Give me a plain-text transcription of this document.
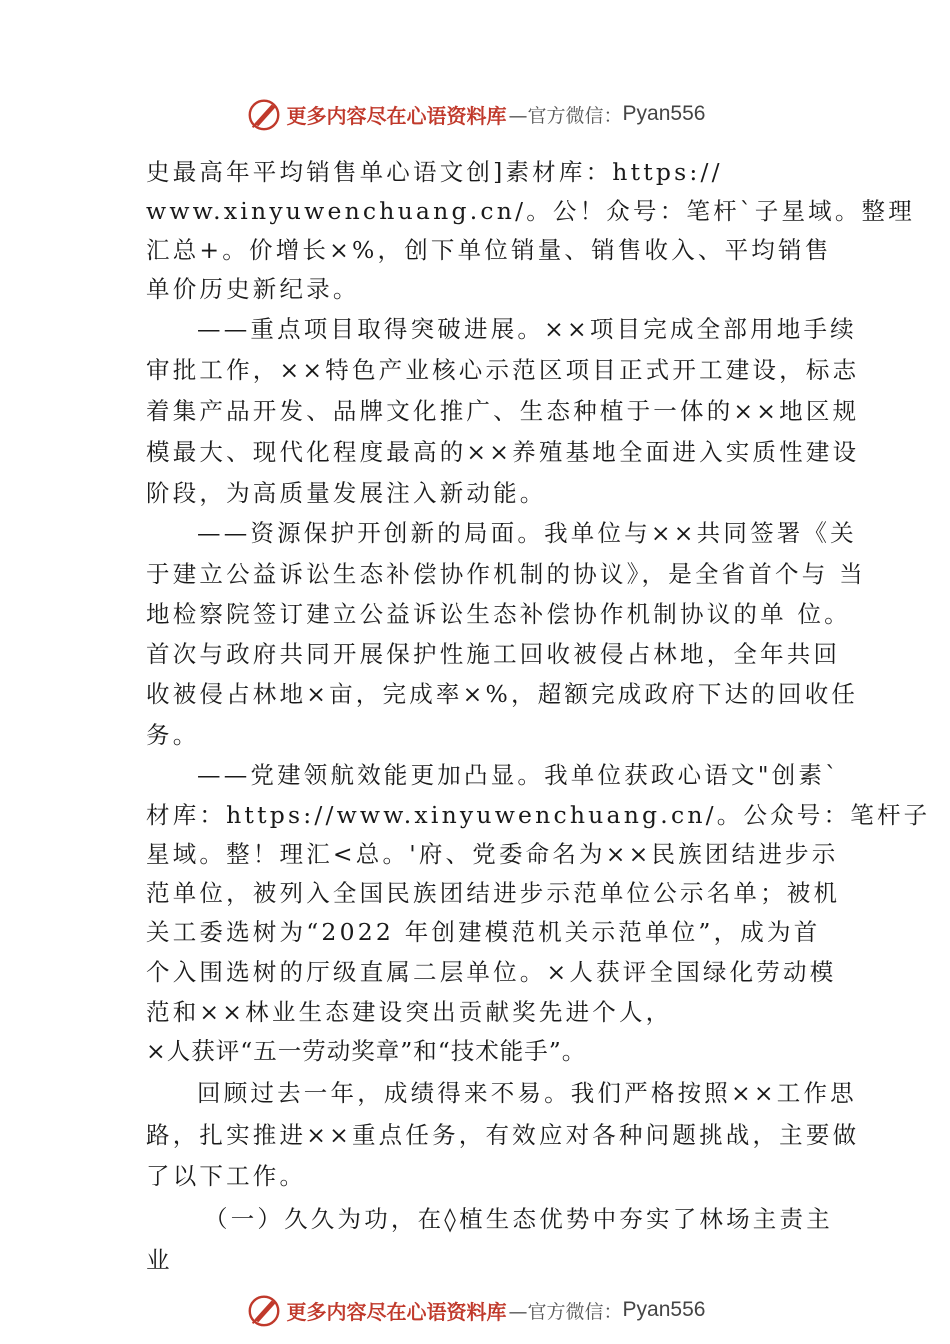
更多内容尽在心语资料库 —官方微信： Pyan556
史最高年平均销售单心语文创]素材库：https://
www.xinyuwenchuang.cn/。公！众号：笔杆`子星域。整理
汇总+。价增长×%，创下单位销量、销售收入、平均销售
单价历史新纪录。
——重点项目取得突破进展。××项目完成全部用地手续
审批工作，××特色产业核心示范区项目正式开工建设，标志
着集产品开发、品牌文化推广、生态种植于一体的××地区规
模最大、现代化程度最高的××养殖基地全面进入实质性建设
阶段，为高质量发展注入新动能。
——资源保护开创新的局面。我单位与××共同签署《关
于建立公益诉讼生态补偿协作机制的协议》，是全省首个与 当
地检察院签订建立公益诉讼生态补偿协作机制协议的单 位。
首次与政府共同开展保护性施工回收被侵占林地，全年共回
收被侵占林地×亩，完成率×%，超额完成政府下达的回收任
务。
——党建领航效能更加凸显。我单位获政心语文"创素`
材库：https://www.xinyuwenchuang.cn/。公众号：笔杆子
星域。整！理汇<总。'府、党委命名为××民族团结进步示
范单位，被列入全国民族团结进步示范单位公示名单；被机
关工委选树为“2022 年创建模范机关示范单位”，成为首
个入围选树的厅级直属二层单位。×人获评全国绿化劳动模
范和××林业生态建设突出贡献奖先进个人，
×人获评“五一劳动奖章”和“技术能手”。
回顾过去一年，成绩得来不易。我们严格按照××工作思
路，扎实推进××重点任务，有效应对各种问题挑战，主要做
了以下工作。
（一）久久为功，在◊植生态优势中夯实了林场主责主
业
更多内容尽在心语资料库 —官方微信： Pyan556
